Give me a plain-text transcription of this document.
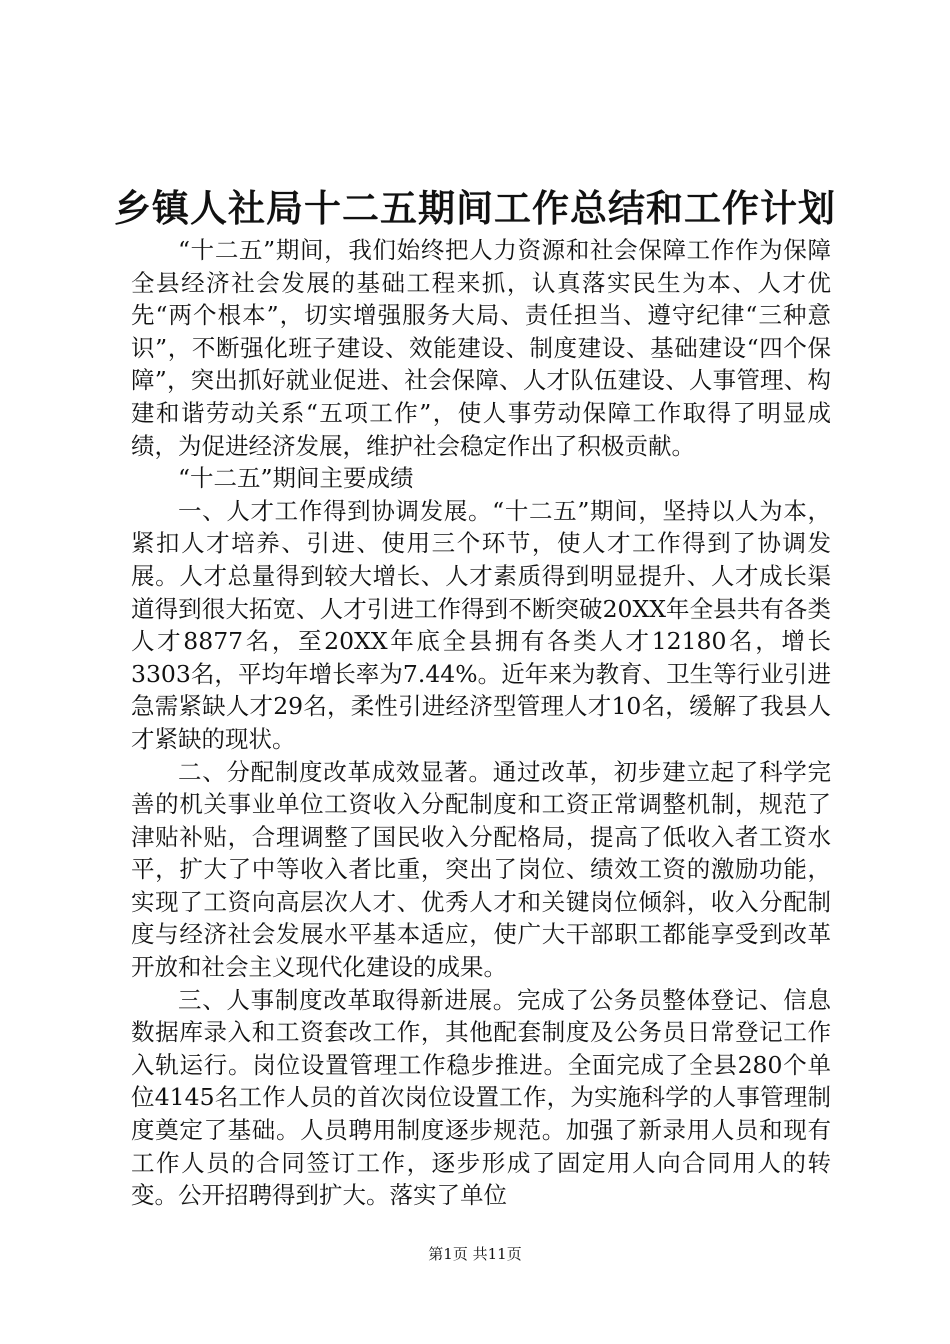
乡镇人社局十二五期间工作总结和工作计划

“十二五”期间，我们始终把人力资源和社会保障工作作为保障全县经济社会发展的基础工程来抓，认真落实民生为本、人才优先“两个根本”，切实增强服务大局、责任担当、遵守纪律“三种意识”，不断强化班子建设、效能建设、制度建设、基础建设“四个保障”，突出抓好就业促进、社会保障、人才队伍建设、人事管理、构建和谐劳动关系“五项工作”，使人事劳动保障工作取得了明显成绩，为促进经济发展，维护社会稳定作出了积极贡献。

“十二五”期间主要成绩

一、人才工作得到协调发展。“十二五”期间，坚持以人为本，紧扣人才培养、引进、使用三个环节，使人才工作得到了协调发展。人才总量得到较大增长、人才素质得到明显提升、人才成长渠道得到很大拓宽、人才引进工作得到不断突破20XX年全县共有各类人才8877名，至20XX年底全县拥有各类人才12180名，增长3303名，平均年增长率为7.44%。近年来为教育、卫生等行业引进急需紧缺人才29名，柔性引进经济型管理人才10名，缓解了我县人才紧缺的现状。

二、分配制度改革成效显著。通过改革，初步建立起了科学完善的机关事业单位工资收入分配制度和工资正常调整机制，规范了津贴补贴，合理调整了国民收入分配格局，提高了低收入者工资水平，扩大了中等收入者比重，突出了岗位、绩效工资的激励功能，实现了工资向高层次人才、优秀人才和关键岗位倾斜，收入分配制度与经济社会发展水平基本适应，使广大干部职工都能享受到改革开放和社会主义现代化建设的成果。

三、人事制度改革取得新进展。完成了公务员整体登记、信息数据库录入和工资套改工作，其他配套制度及公务员日常登记工作入轨运行。岗位设置管理工作稳步推进。全面完成了全县280个单位4145名工作人员的首次岗位设置工作，为实施科学的人事管理制度奠定了基础。人员聘用制度逐步规范。加强了新录用人员和现有工作人员的合同签订工作，逐步形成了固定用人向合同用人的转变。公开招聘得到扩大。落实了单位

第1页 共11页
